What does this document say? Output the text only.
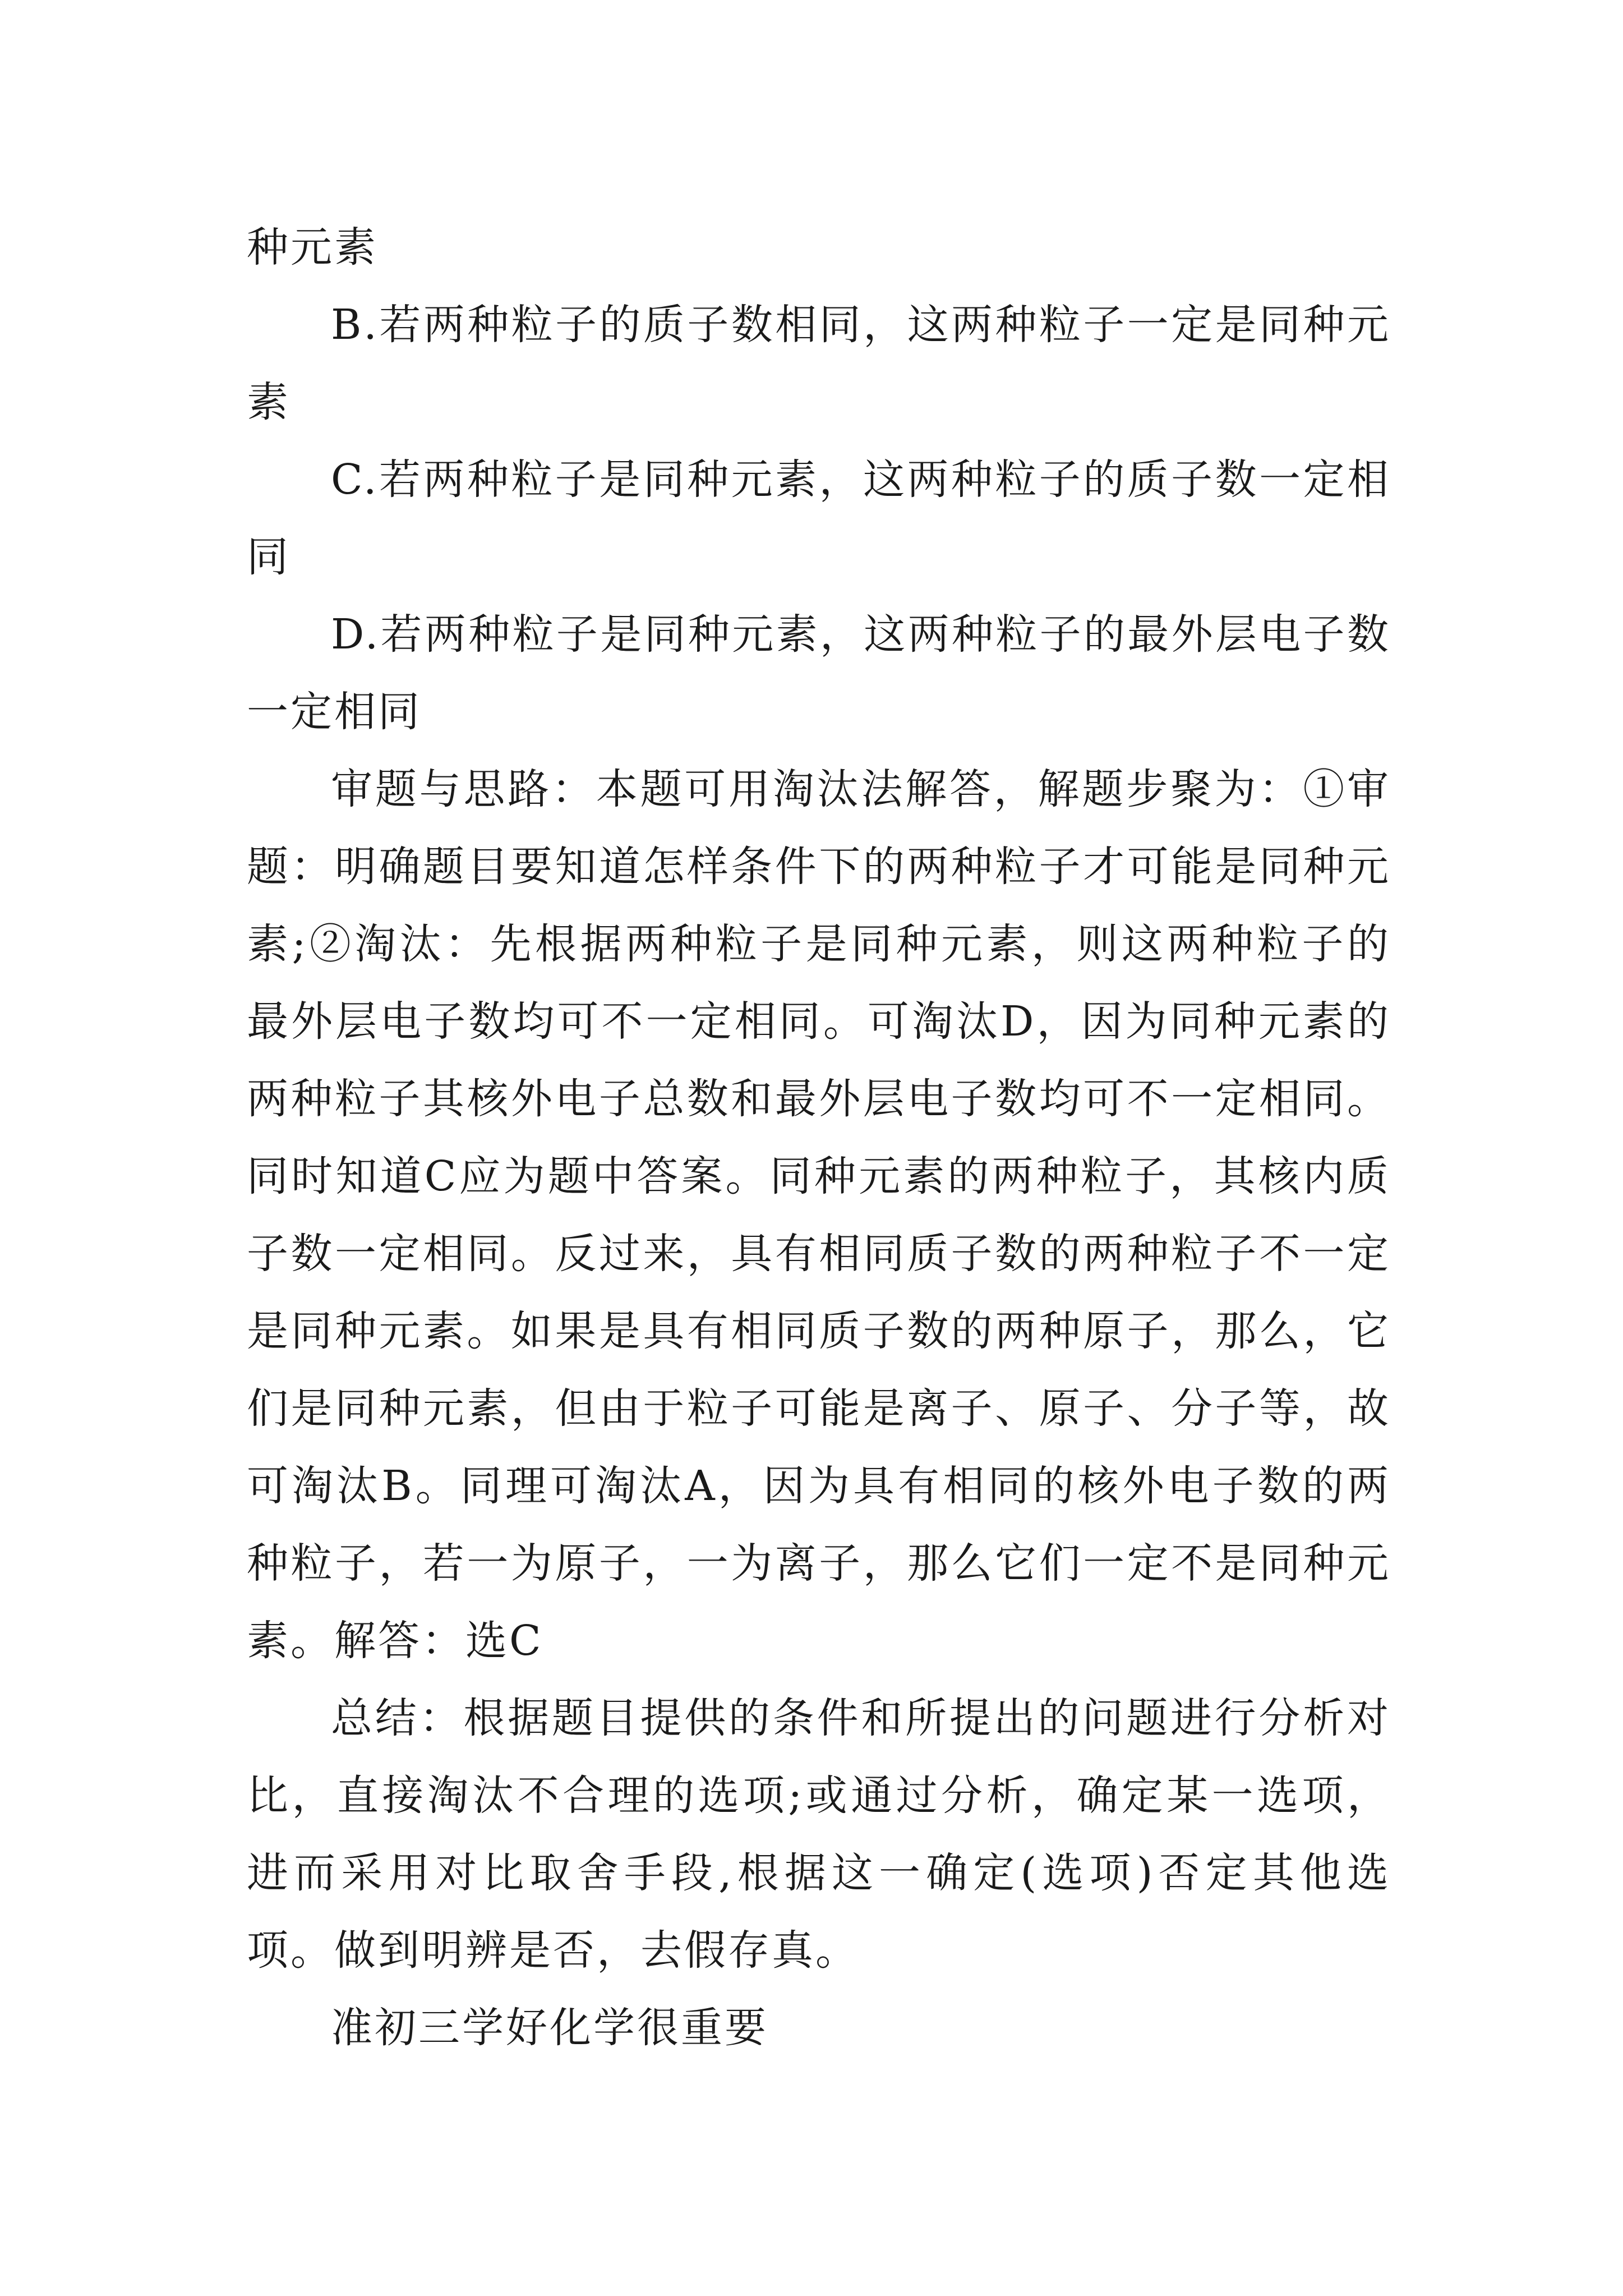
种元素

B.若两种粒子的质子数相同，这两种粒子一定是同种元素

C.若两种粒子是同种元素，这两种粒子的质子数一定相同

D.若两种粒子是同种元素，这两种粒子的最外层电子数一定相同

审题与思路：本题可用淘汰法解答，解题步聚为：①审题：明确题目要知道怎样条件下的两种粒子才可能是同种元素;②淘汰：先根据两种粒子是同种元素，则这两种粒子的最外层电子数均可不一定相同。可淘汰D，因为同种元素的两种粒子其核外电子总数和最外层电子数均可不一定相同。同时知道C应为题中答案。同种元素的两种粒子，其核内质子数一定相同。反过来，具有相同质子数的两种粒子不一定是同种元素。如果是具有相同质子数的两种原子，那么，它们是同种元素，但由于粒子可能是离子、原子、分子等，故可淘汰B。同理可淘汰A，因为具有相同的核外电子数的两种粒子，若一为原子，一为离子，那么它们一定不是同种元素。解答：选C

总结：根据题目提供的条件和所提出的问题进行分析对比，直接淘汰不合理的选项;或通过分析，确定某一选项，进而采用对比取舍手段,根据这一确定(选项)否定其他选项。做到明辨是否，去假存真。

准初三学好化学很重要
